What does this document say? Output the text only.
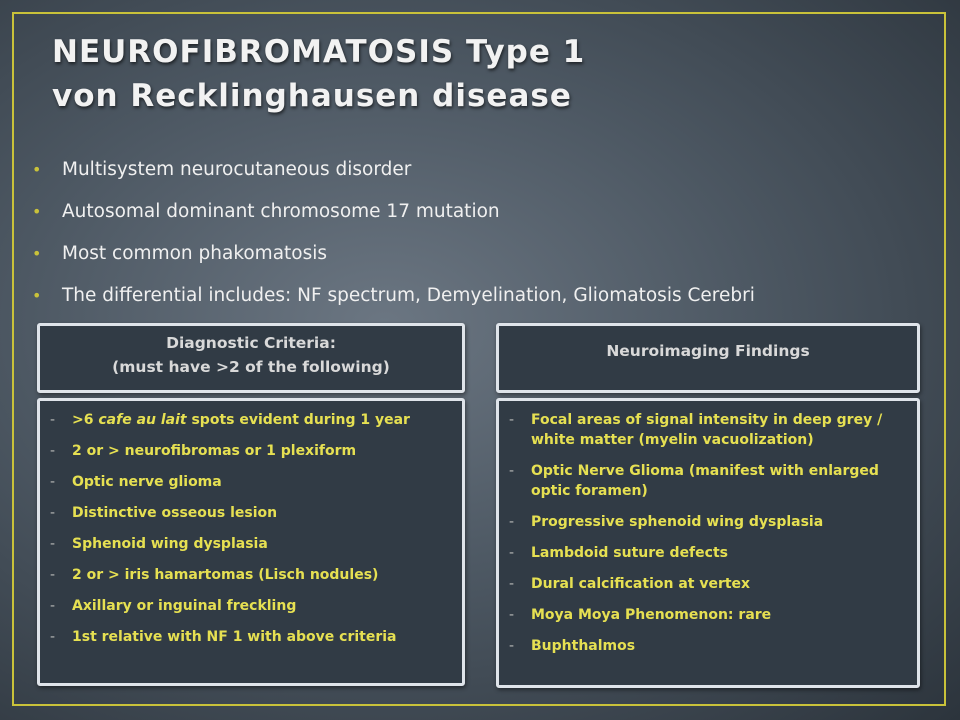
NEUROFIBROMATOSIS Type 1
von Recklinghausen disease
•	Multisystem neurocutaneous disorder
•	Autosomal dominant chromosome 17 mutation
•	Most common phakomatosis
•	The differential includes: NF spectrum, Demyelination, Gliomatosis Cerebri
Diagnostic Criteria:
(must have >2 of the following)
Neuroimaging Findings
-	>6 cafe au lait spots evident during 1 year
-	2 or > neurofibromas or 1 plexiform
-	Optic nerve glioma
-	Distinctive osseous lesion
-	Sphenoid wing dysplasia
-	2 or > iris hamartomas (Lisch nodules)
-	Axillary or inguinal freckling
-	1st relative with NF 1 with above criteria
-	Focal areas of signal intensity in deep grey / white matter (myelin vacuolization)
-	Optic Nerve Glioma (manifest with enlarged optic foramen)
-	Progressive sphenoid wing dysplasia
-	Lambdoid suture defects
-	Dural calcification at vertex
-	Moya Moya Phenomenon: rare
-	Buphthalmos
